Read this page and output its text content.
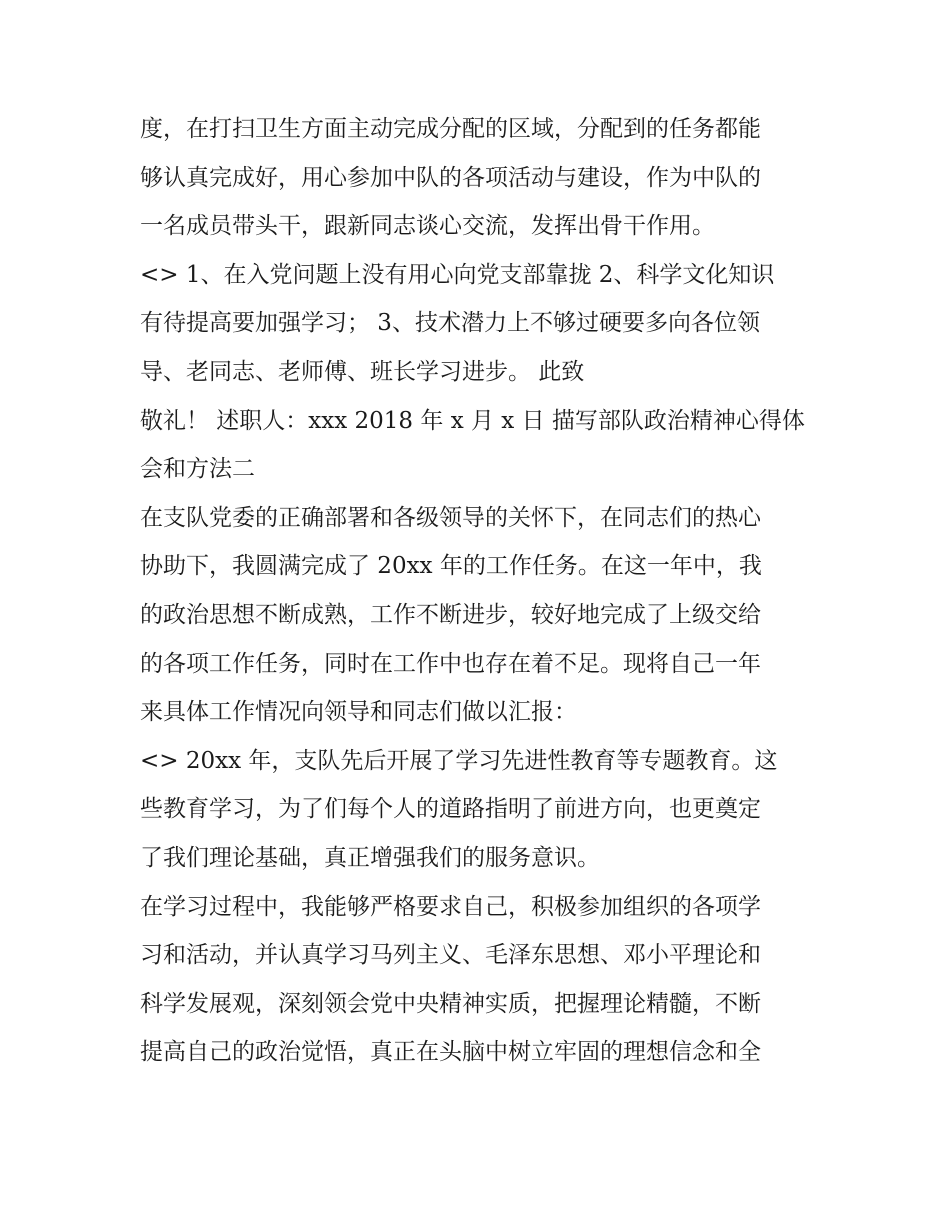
度，在打扫卫生方面主动完成分配的区域，分配到的任务都能

够认真完成好，用心参加中队的各项活动与建设，作为中队的

一名成员带头干，跟新同志谈心交流，发挥出骨干作用。

<> 1、在入党问题上没有用心向党支部靠拢 2、科学文化知识

有待提高要加强学习； 3、技术潜力上不够过硬要多向各位领

导、老同志、老师傅、班长学习进步。 此致

敬礼！ 述职人：xxx 2018 年 x 月 x 日 描写部队政治精神心得体

会和方法二

在支队党委的正确部署和各级领导的关怀下，在同志们的热心

协助下，我圆满完成了 20xx 年的工作任务。在这一年中，我

的政治思想不断成熟，工作不断进步，较好地完成了上级交给

的各项工作任务，同时在工作中也存在着不足。现将自己一年

来具体工作情况向领导和同志们做以汇报：

<> 20xx 年，支队先后开展了学习先进性教育等专题教育。这

些教育学习，为了们每个人的道路指明了前进方向，也更奠定

了我们理论基础，真正增强我们的服务意识。

在学习过程中，我能够严格要求自己，积极参加组织的各项学

习和活动，并认真学习马列主义、毛泽东思想、邓小平理论和

科学发展观，深刻领会党中央精神实质，把握理论精髓，不断

提高自己的政治觉悟，真正在头脑中树立牢固的理想信念和全
